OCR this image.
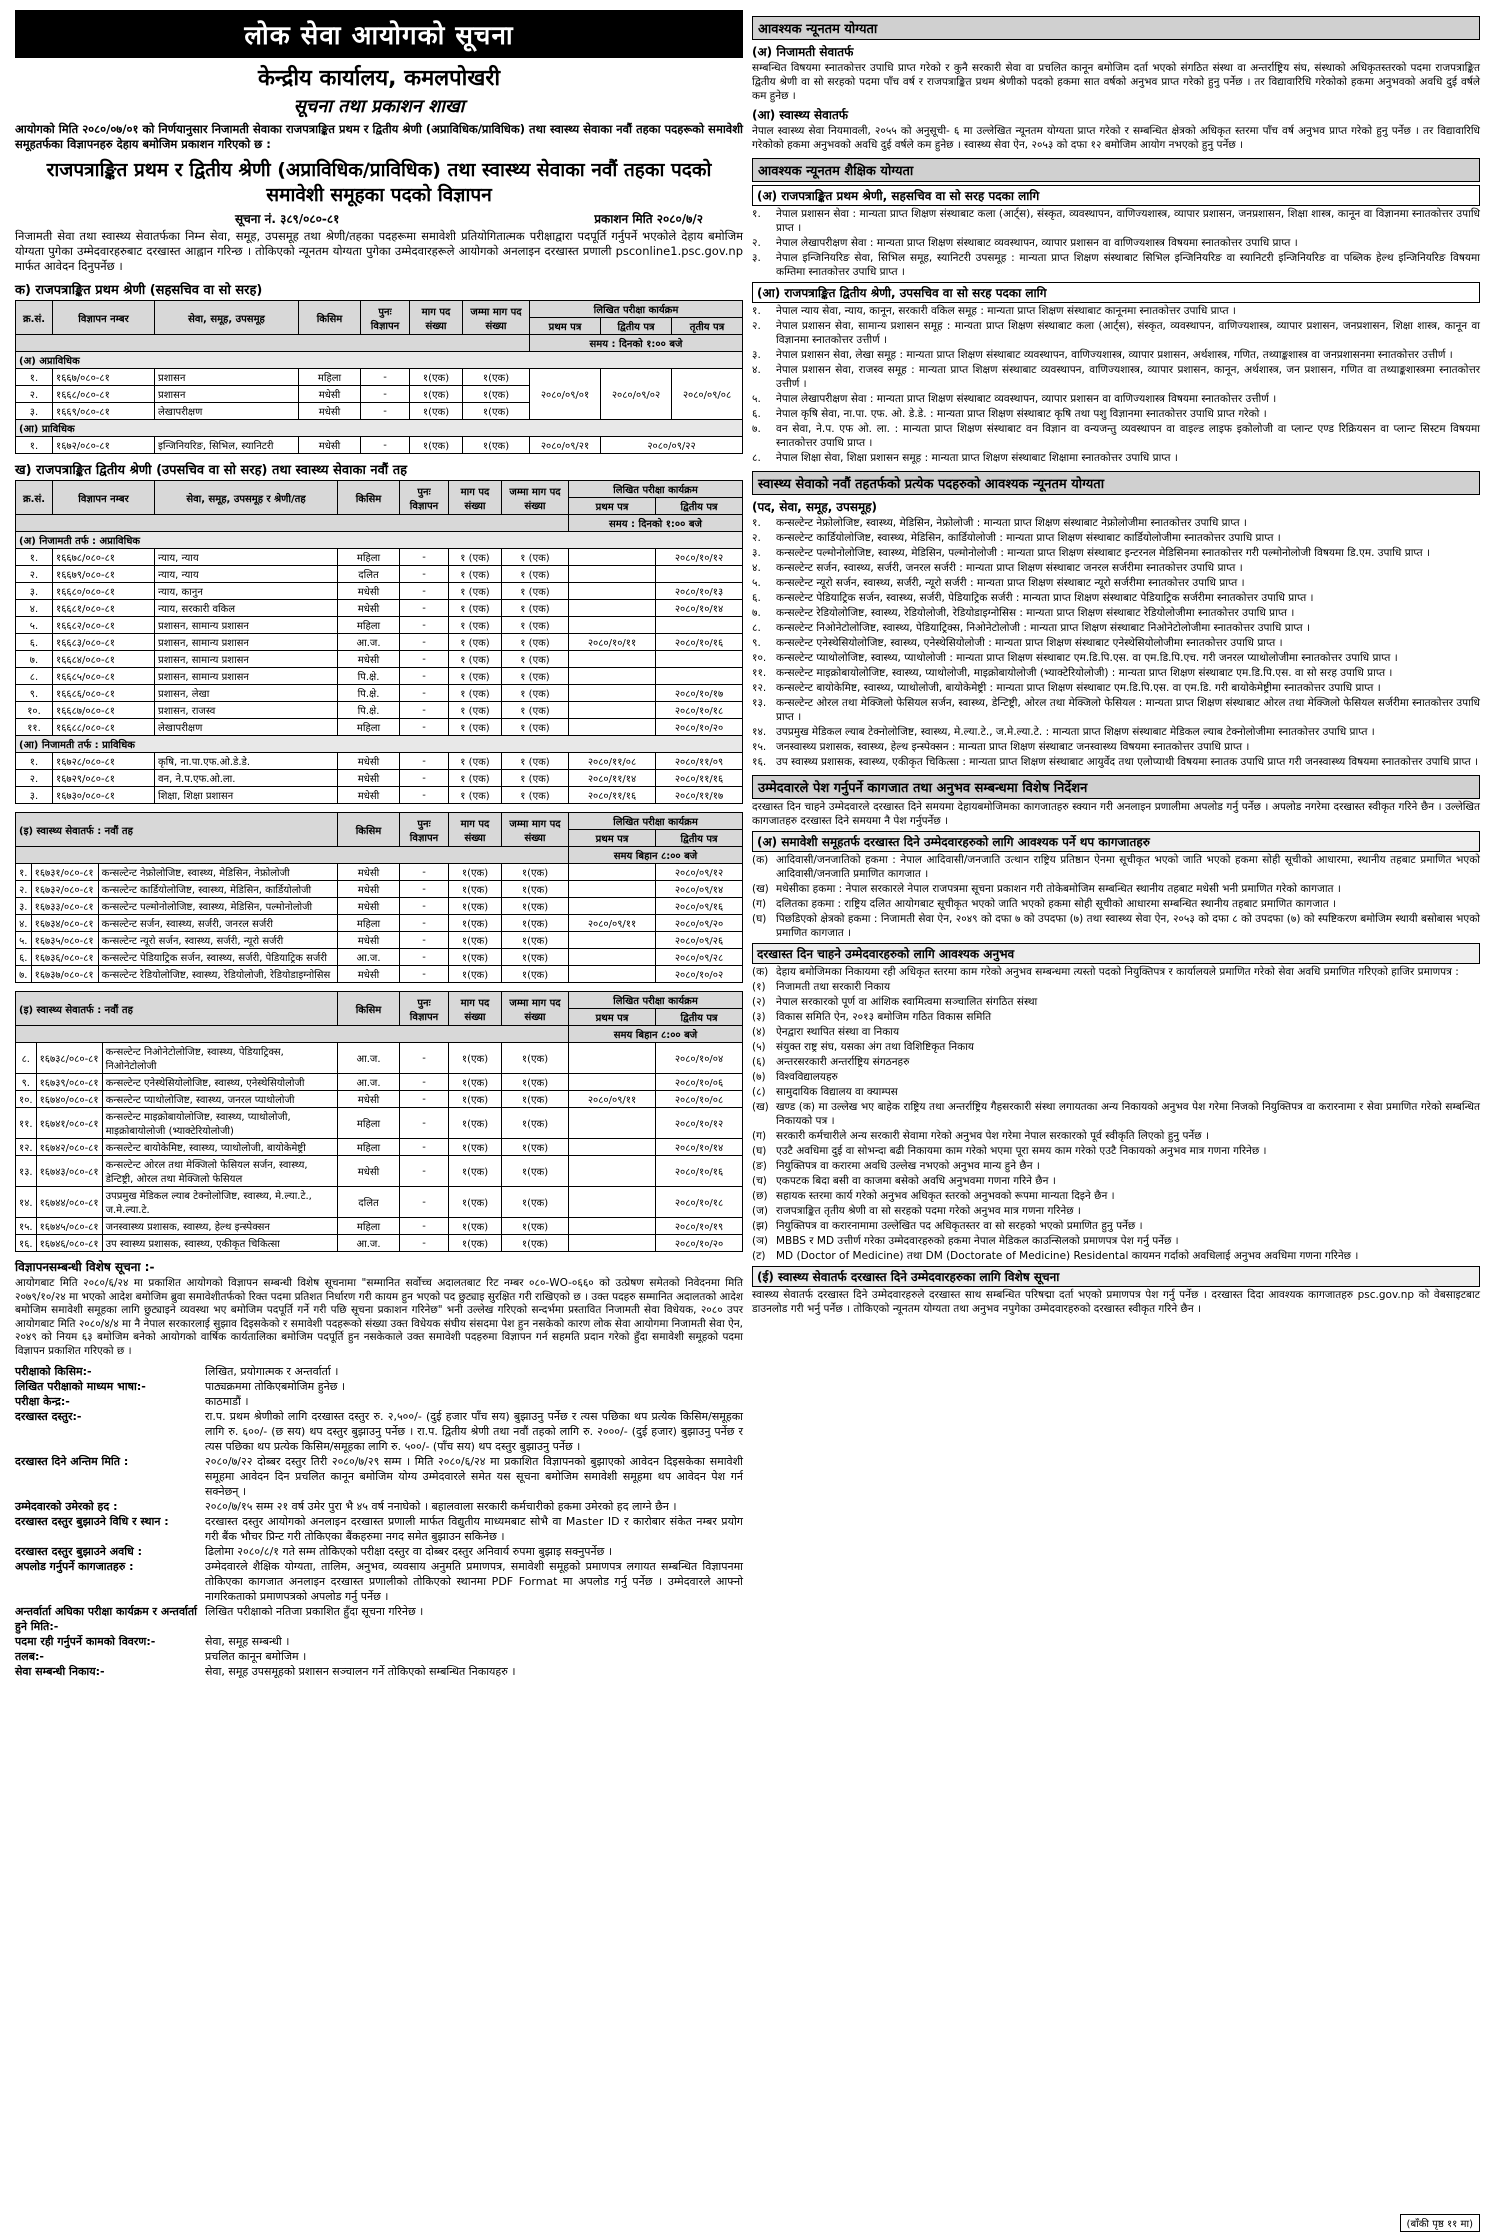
लोक सेवा आयोगको सूचना
केन्द्रीय कार्यालय, कमलपोखरी
सूचना तथा प्रकाशन शाखा
आयोगको मिति २०८०/०७/०१ को निर्णयानुसार निजामती सेवाका राजपत्राङ्कित प्रथम र द्वितीय श्रेणी (अप्राविधिक/प्राविधिक) तथा स्वास्थ्य सेवाका नवौं तहका पदहरूको समावेशी समूहतर्फका विज्ञापनहरु देहाय बमोजिम प्रकाशन गरिएको छ :
राजपत्राङ्कित प्रथम र द्वितीय श्रेणी (अप्राविधिक/प्राविधिक) तथा स्वास्थ्य सेवाका नवौं तहका पदको समावेशी समूहका पदको विज्ञापन
सूचना नं. ३८९/०८०-८१	प्रकाशन मिति २०८०/७/२
निजामती सेवा तथा स्वास्थ्य सेवातर्फका निम्न सेवा, समूह, उपसमूह तथा श्रेणी/तहका पदहरूमा समावेशी प्रतियोगितात्मक परीक्षाद्वारा पदपूर्ति गर्नुपर्ने भएकोले देहाय बमोजिम योग्यता पुगेका उम्मेदवारहरुबाट दरखास्त आह्वान गरिन्छ । तोकिएको न्यूनतम योग्यता पुगेका उम्मेदवारहरूले आयोगको अनलाइन दरखास्त प्रणाली psconline1.psc.gov.np मार्फत आवेदन दिनुपर्नेछ ।
क) राजपत्राङ्कित प्रथम श्रेणी (सहसचिव वा सो सरह)
क्र.सं.	विज्ञापन नम्बर	सेवा, समूह, उपसमूह	किसिम	पुनः विज्ञापन	माग पद संख्या	जम्मा माग पद संख्या	लिखित परीक्षा कार्यक्रम		
							प्रथम पत्र	द्वितीय पत्र	तृतीय पत्र
							समय : दिनको १:०० बजे		
(अ) अप्राविधिक									
१.	१६६७/०८०-८१	प्रशासन	महिला	-	१(एक)	१(एक)	२०८०/०९/०१	२०८०/०९/०२	२०८०/०९/०८
२.	१६६८/०८०-८१	प्रशासन	मधेसी	-	१(एक)	१(एक)			
३.	१६६९/०८०-८१	लेखापरीक्षण	मधेसी	-	१(एक)	१(एक)			
(आ) प्राविधिक									
१.	१६७२/०८०-८१	इन्जिनियरिङ, सिभिल, स्यानिटरी	मधेसी	-	१(एक)	१(एक)	२०८०/०९/२१	२०८०/०९/२२	
ख) राजपत्राङ्कित द्वितीय श्रेणी (उपसचिव वा सो सरह) तथा स्वास्थ्य सेवाका नवौं तह
क्र.सं.	विज्ञापन नम्बर	सेवा, समूह, उपसमूह र श्रेणी/तह	किसिम	पुनः विज्ञापन	माग पद संख्या	जम्मा माग पद संख्या	लिखित परीक्षा कार्यक्रम	
							प्रथम पत्र	द्वितीय पत्र
							समय : दिनको १:०० बजे	
(अ) निजामती तर्फ : अप्राविधिक								
१.	१६६७८/०८०-८१	न्याय, न्याय	महिला	-	१ (एक)	१ (एक)		२०८०/१०/१२
२.	१६६७९/०८०-८१	न्याय, न्याय	दलित	-	१ (एक)	१ (एक)		
३.	१६६८०/०८०-८१	न्याय, कानुन	मधेसी	-	१ (एक)	१ (एक)		२०८०/१०/१३
४.	१६६८१/०८०-८१	न्याय, सरकारी वकिल	मधेसी	-	१ (एक)	१ (एक)		२०८०/१०/१४
५.	१६६८२/०८०-८१	प्रशासन, सामान्य प्रशासन	महिला	-	१ (एक)	१ (एक)		
६.	१६६८३/०८०-८१	प्रशासन, सामान्य प्रशासन	आ.ज.	-	१ (एक)	१ (एक)	२०८०/१०/११	२०८०/१०/१६
७.	१६६८४/०८०-८१	प्रशासन, सामान्य प्रशासन	मधेसी	-	१ (एक)	१ (एक)		
८.	१६६८५/०८०-८१	प्रशासन, सामान्य प्रशासन	पि.क्षे.	-	१ (एक)	१ (एक)		
९.	१६६८६/०८०-८१	प्रशासन, लेखा	पि.क्षे.	-	१ (एक)	१ (एक)		२०८०/१०/१७
१०.	१६६८७/०८०-८१	प्रशासन, राजस्व	पि.क्षे.	-	१ (एक)	१ (एक)		२०८०/१०/१८
११.	१६६८८/०८०-८१	लेखापरीक्षण	महिला	-	१ (एक)	१ (एक)		२०८०/१०/२०
(आ) निजामती तर्फ : प्राविधिक								
१.	१६७२८/०८०-८१	कृषि, ना.पा.एफ.ओ.डे.डे.	मधेसी	-	१ (एक)	१ (एक)	२०८०/११/०८	२०८०/११/०९
२.	१६७२९/०८०-८१	वन, ने.प.एफ.ओ.ला.	मधेसी	-	१ (एक)	१ (एक)	२०८०/११/१४	२०८०/११/१६
३.	१६७३०/०८०-८१	शिक्षा, शिक्षा प्रशासन	मधेसी	-	१ (एक)	१ (एक)	२०८०/११/१६	२०८०/११/१७
(इ) स्वास्थ्य सेवातर्फ : नवौं तह			किसिम	पुनः विज्ञापन	माग पद संख्या	जम्मा माग पद संख्या	लिखित परीक्षा कार्यक्रम	
							प्रथम पत्र	द्वितीय पत्र
							समय बिहान ८:०० बजे	
१.	१६७३१/०८०-८१	कन्सल्टेन्ट नेफ्रोलोजिष्ट, स्वास्थ्य, मेडिसिन, नेफ्रोलोजी	मधेसी	-	१(एक)	१(एक)		२०८०/०९/१२
२.	१६७३२/०८०-८१	कन्सल्टेन्ट कार्डियोलोजिष्ट, स्वास्थ्य, मेडिसिन, कार्डियोलोजी	मधेसी	-	१(एक)	१(एक)		२०८०/०९/१४
३.	१६७३३/०८०-८१	कन्सल्टेन्ट पल्मोनोलोजिष्ट, स्वास्थ्य, मेडिसिन, पल्मोनोलोजी	मधेसी	-	१(एक)	१(एक)		२०८०/०९/१६
४.	१६७३४/०८०-८१	कन्सल्टेन्ट सर्जन, स्वास्थ्य, सर्जरी, जनरल सर्जरी	महिला	-	१(एक)	१(एक)	२०८०/०९/११	२०८०/०९/२०
५.	१६७३५/०८०-८१	कन्सल्टेन्ट न्यूरो सर्जन, स्वास्थ्य, सर्जरी, न्यूरो सर्जरी	मधेसी	-	१(एक)	१(एक)		२०८०/०९/२६
६.	१६७३६/०८०-८१	कन्सल्टेन्ट पेडियाट्रिक सर्जन, स्वास्थ्य, सर्जरी, पेडियाट्रिक सर्जरी	आ.ज.	-	१(एक)	१(एक)		२०८०/०९/२८
७.	१६७३७/०८०-८१	कन्सल्टेन्ट रेडियोलोजिष्ट, स्वास्थ्य, रेडियोलोजी, रेडियोडाइग्नोसिस	मधेसी	-	१(एक)	१(एक)		२०८०/१०/०२
(इ) स्वास्थ्य सेवातर्फ : नवौं तह			किसिम	पुनः विज्ञापन	माग पद संख्या	जम्मा माग पद संख्या	लिखित परीक्षा कार्यक्रम	
							प्रथम पत्र	द्वितीय पत्र
							समय बिहान ८:०० बजे	
८.	१६७३८/०८०-८१	कन्सल्टेन्ट निओनेटोलोजिष्ट, स्वास्थ्य, पेडियाट्रिक्स, निओनेटोलोजी	आ.ज.	-	१(एक)	१(एक)		२०८०/१०/०४
९.	१६७३९/०८०-८१	कन्सल्टेन्ट एनेस्थेसियोलोजिष्ट, स्वास्थ्य, एनेस्थेसियोलोजी	आ.ज.	-	१(एक)	१(एक)		२०८०/१०/०६
१०.	१६७४०/०८०-८१	कन्सल्टेन्ट प्याथोलोजिष्ट, स्वास्थ्य, जनरल प्याथोलोजी	मधेसी	-	१(एक)	१(एक)	२०८०/०९/११	२०८०/१०/०८
११.	१६७४१/०८०-८१	कन्सल्टेन्ट माइक्रोबायोलोजिष्ट, स्वास्थ्य, प्याथोलोजी, माइक्रोबायोलोजी (भ्याक्टेरियोलोजी)	महिला	-	१(एक)	१(एक)		२०८०/१०/१२
१२.	१६७४२/०८०-८१	कन्सल्टेन्ट बायोकेमिष्ट, स्वास्थ्य, प्याथोलोजी, बायोकेमेष्ट्री	महिला	-	१(एक)	१(एक)		२०८०/१०/१४
१३.	१६७४३/०८०-८१	कन्सल्टेन्ट ओरल तथा मेक्जिलो फेसियल सर्जन, स्वास्थ्य, डेन्टिष्ट्री, ओरल तथा मेक्जिलो फेसियल	मधेसी	-	१(एक)	१(एक)		२०८०/१०/१६
१४.	१६७४४/०८०-८१	उपप्रमुख मेडिकल ल्याब टेक्नोलोजिष्ट, स्वास्थ्य, मे.ल्या.टे., ज.मे.ल्या.टे.	दलित	-	१(एक)	१(एक)		२०८०/१०/१८
१५.	१६७४५/०८०-८१	जनस्वास्थ्य प्रशासक, स्वास्थ्य, हेल्थ इन्स्पेक्सन	महिला	-	१(एक)	१(एक)		२०८०/१०/१९
१६.	१६७४६/०८०-८१	उप स्वास्थ्य प्रशासक, स्वास्थ्य, एकीकृत चिकित्सा	आ.ज.	-	१(एक)	१(एक)		२०८०/१०/२०
विज्ञापनसम्बन्धी विशेष सूचना :-
आयोगबाट मिति २०८०/६/२४ मा प्रकाशित आयोगको विज्ञापन सम्बन्धी विशेष सूचनामा "सम्मानित सर्वोच्च अदालतबाट रिट नम्बर ०८०-WO-०६६० को उत्प्रेषण समेतको निवेदनमा मिति २०७९/१०/२४ मा भएको आदेश बमोजिम ब्रुवा समावेशीतर्फको रिक्त पदमा प्रतिशत निर्धारण गरी कायम हुन भएको पद छुट्याइ सुरक्षित गरी राखिएको छ । उक्त पदहरु सम्मानित अदालतको आदेश बमोजिम समावेशी समूहका लागि छुट्याइने व्यवस्था भए बमोजिम पदपूर्ति गर्ने गरी पछि सूचना प्रकाशन गरिनेछ" भनी उल्लेख गरिएको सन्दर्भमा प्रस्तावित निजामती सेवा विधेयक, २०८० उपर आयोगबाट मिति २०८०/४/४ मा नै नेपाल सरकारलाई सुझाव दिइसकेको र समावेशी पदहरूको संख्या उक्त विधेयक संघीय संसदमा पेश हुन नसकेको कारण लोक सेवा आयोगमा निजामती सेवा ऐन, २०४९ को नियम ६३ बमोजिम बनेको आयोगको वार्षिक कार्यतालिका बमोजिम पदपूर्ति हुन नसकेकाले उक्त समावेशी पदहरुमा विज्ञापन गर्न सहमति प्रदान गरेको हुँदा समावेशी समूहको पदमा विज्ञापन प्रकाशित गरिएको छ ।
परीक्षाको किसिम:-	लिखित, प्रयोगात्मक र अन्तर्वार्ता ।
लिखित परीक्षाको माध्यम भाषा:-	पाठ्यक्रममा तोकिएबमोजिम हुनेछ ।
परीक्षा केन्द्र:-	काठमाडौं ।
दरखास्त दस्तुर:-	रा.प. प्रथम श्रेणीको लागि दरखास्त दस्तुर रु. २,५००/- (दुई हजार पाँच सय) बुझाउनु पर्नेछ र त्यस पछिका थप प्रत्येक किसिम/समूहका लागि रु. ६००/- (छ सय) थप दस्तुर बुझाउनु पर्नेछ । रा.प. द्वितीय श्रेणी तथा नवौं तहको लागि रु. २०००/- (दुई हजार) बुझाउनु पर्नेछ र त्यस पछिका थप प्रत्येक किसिम/समूहका लागि रु. ५००/- (पाँच सय) थप दस्तुर बुझाउनु पर्नेछ ।
दरखास्त दिने अन्तिम मिति :	२०८०/७/२२ दोब्बर दस्तुर तिरी २०८०/७/२९ सम्म । मिति २०८०/६/२४ मा प्रकाशित विज्ञापनको बुझाएको आवेदन दिइसकेका समावेशी समूहमा आवेदन दिन प्रचलित कानून बमोजिम योग्य उम्मेदवारले समेत यस सूचना बमोजिम समावेशी समूहमा थप आवेदन पेश गर्न सक्नेछन् ।
उम्मेदवारको उमेरको हद :	२०८०/७/१५ सम्म २१ वर्ष उमेर पुरा भै ४५ वर्ष ननाघेको । बहालवाला सरकारी कर्मचारीको हकमा उमेरको हद लाग्ने छैन ।
दरखास्त दस्तुर बुझाउने विधि र स्थान :	दरखास्त दस्तुर आयोगको अनलाइन दरखास्त प्रणाली मार्फत विद्युतीय माध्यमबाट सोभै वा Master ID र कारोबार संकेत नम्बर प्रयोग गरी बैंक भौचर प्रिन्ट गरी तोकिएका बैंकहरुमा नगद समेत बुझाउन सकिनेछ ।
दरखास्त दस्तुर बुझाउने अवधि :	ढिलोमा २०८०/८/१ गते सम्म तोकिएको परीक्षा दस्तुर वा दोब्बर दस्तुर अनिवार्य रुपमा बुझाइ सक्नुपर्नेछ ।
अपलोड गर्नुपर्ने कागजातहरु :	उम्मेदवारले शैक्षिक योग्यता, तालिम, अनुभव, व्यवसाय अनुमति प्रमाणपत्र, समावेशी समूहको प्रमाणपत्र लगायत सम्बन्धित विज्ञापनमा तोकिएका कागजात अनलाइन दरखास्त प्रणालीको तोकिएको स्थानमा PDF Format मा अपलोड गर्नु पर्नेछ । उम्मेदवारले आफ्नो नागरिकताको प्रमाणपत्रको अपलोड गर्नु पर्नेछ ।
अन्तर्वार्ता अघिका परीक्षा कार्यक्रम र अन्तर्वार्ता हुने मिति:-
लिखित परीक्षाको नतिजा प्रकाशित हुँदा सूचना गरिनेछ ।
पदमा रही गर्नुपर्ने कामको विवरण:-	सेवा, समूह सम्बन्धी ।
तलब:-	प्रचलित कानून बमोजिम ।
सेवा सम्बन्धी निकाय:-	सेवा, समूह उपसमूहको प्रशासन सञ्चालन गर्ने तोकिएको सम्बन्धित निकायहरु ।
आवश्यक न्यूनतम योग्यता
(अ) निजामती सेवातर्फ
सम्बन्धित विषयमा स्नातकोत्तर उपाधि प्राप्त गरेको र कुनै सरकारी सेवा वा प्रचलित कानून बमोजिम दर्ता भएको संगठित संस्था वा अन्तर्राष्ट्रिय संघ, संस्थाको अधिकृतस्तरको पदमा राजपत्राङ्कित द्वितीय श्रेणी वा सो सरहको पदमा पाँच वर्ष र राजपत्राङ्कित प्रथम श्रेणीको पदको हकमा सात वर्षको अनुभव प्राप्त गरेको हुनु पर्नेछ । तर विद्यावारिधि गरेकोको हकमा अनुभवको अवधि दुई वर्षले कम हुनेछ ।
(आ) स्वास्थ्य सेवातर्फ
नेपाल स्वास्थ्य सेवा नियमावली, २०५५ को अनुसूची- ६ मा उल्लेखित न्यूनतम योग्यता प्राप्त गरेको र सम्बन्धित क्षेत्रको अधिकृत स्तरमा पाँच वर्ष अनुभव प्राप्त गरेको हुनु पर्नेछ । तर विद्यावारिधि गरेकोको हकमा अनुभवको अवधि दुई वर्षले कम हुनेछ । स्वास्थ्य सेवा ऐन, २०५३ को दफा १२ बमोजिम आयोग नभएको हुनु पर्नेछ ।
आवश्यक न्यूनतम शैक्षिक योग्यता
(अ) राजपत्राङ्कित प्रथम श्रेणी, सहसचिव वा सो सरह पदका लागि
१.	नेपाल प्रशासन सेवा : मान्यता प्राप्त शिक्षण संस्थाबाट कला (आर्ट्स), संस्कृत, व्यवस्थापन, वाणिज्यशास्त्र, व्यापार प्रशासन, जनप्रशासन, शिक्षा शास्त्र, कानून वा विज्ञानमा स्नातकोत्तर उपाधि प्राप्त ।
२.	नेपाल लेखापरीक्षण सेवा : मान्यता प्राप्त शिक्षण संस्थाबाट व्यवस्थापन, व्यापार प्रशासन वा वाणिज्यशास्त्र विषयमा स्नातकोत्तर उपाधि प्राप्त ।
३.	नेपाल इन्जिनियरिङ सेवा, सिभिल समूह, स्यानिटरी उपसमूह : मान्यता प्राप्त शिक्षण संस्थाबाट सिभिल इन्जिनियरिङ वा स्यानिटरी इन्जिनियरिङ वा पब्लिक हेल्थ इन्जिनियरिङ विषयमा कम्तिमा स्नातकोत्तर उपाधि प्राप्त ।
(आ) राजपत्राङ्कित द्वितीय श्रेणी, उपसचिव वा सो सरह पदका लागि
१.	नेपाल न्याय सेवा, न्याय, कानून, सरकारी वकिल समूह : मान्यता प्राप्त शिक्षण संस्थाबाट कानूनमा स्नातकोत्तर उपाधि प्राप्त ।
२.	नेपाल प्रशासन सेवा, सामान्य प्रशासन समूह : मान्यता प्राप्त शिक्षण संस्थाबाट कला (आर्ट्स), संस्कृत, व्यवस्थापन, वाणिज्यशास्त्र, व्यापार प्रशासन, जनप्रशासन, शिक्षा शास्त्र, कानून वा विज्ञानमा स्नातकोत्तर उत्तीर्ण ।
३.	नेपाल प्रशासन सेवा, लेखा समूह : मान्यता प्राप्त शिक्षण संस्थाबाट व्यवस्थापन, वाणिज्यशास्त्र, व्यापार प्रशासन, अर्थशास्त्र, गणित, तथ्याङ्कशास्त्र वा जनप्रशासनमा स्नातकोत्तर उत्तीर्ण ।
४.	नेपाल प्रशासन सेवा, राजस्व समूह : मान्यता प्राप्त शिक्षण संस्थाबाट व्यवस्थापन, वाणिज्यशास्त्र, व्यापार प्रशासन, कानून, अर्थशास्त्र, जन प्रशासन, गणित वा तथ्याङ्कशास्त्रमा स्नातकोत्तर उत्तीर्ण ।
५.	नेपाल लेखापरीक्षण सेवा : मान्यता प्राप्त शिक्षण संस्थाबाट व्यवस्थापन, व्यापार प्रशासन वा वाणिज्यशास्त्र विषयमा स्नातकोत्तर उत्तीर्ण ।
६.	नेपाल कृषि सेवा, ना.पा. एफ. ओ. डे.डे. : मान्यता प्राप्त शिक्षण संस्थाबाट कृषि तथा पशु विज्ञानमा स्नातकोत्तर उपाधि प्राप्त गरेको ।
७.	वन सेवा, ने.प. एफ ओ. ला. : मान्यता प्राप्त शिक्षण संस्थाबाट वन विज्ञान वा वन्यजन्तु व्यवस्थापन वा वाइल्ड लाइफ इकोलोजी वा प्लान्ट एण्ड रिक्रियसन वा प्लान्ट सिस्टम विषयमा स्नातकोत्तर उपाधि प्राप्त ।
८.	नेपाल शिक्षा सेवा, शिक्षा प्रशासन समूह : मान्यता प्राप्त शिक्षण संस्थाबाट शिक्षामा स्नातकोत्तर उपाधि प्राप्त ।
स्वास्थ्य सेवाको नवौं तहतर्फको प्रत्येक पदहरुको आवश्यक न्यूनतम योग्यता
(पद, सेवा, समूह, उपसमूह)
१.	कन्सल्टेन्ट नेफ्रोलोजिष्ट, स्वास्थ्य, मेडिसिन, नेफ्रोलोजी : मान्यता प्राप्त शिक्षण संस्थाबाट नेफ्रोलोजीमा स्नातकोत्तर उपाधि प्राप्त ।
२.	कन्सल्टेन्ट कार्डियोलोजिष्ट, स्वास्थ्य, मेडिसिन, कार्डियोलोजी : मान्यता प्राप्त शिक्षण संस्थाबाट कार्डियोलोजीमा स्नातकोत्तर उपाधि प्राप्त ।
३.	कन्सल्टेन्ट पल्मोनोलोजिष्ट, स्वास्थ्य, मेडिसिन, पल्मोनोलोजी : मान्यता प्राप्त शिक्षण संस्थाबाट इन्टरनल मेडिसिनमा स्नातकोत्तर गरी पल्मोनोलोजी विषयमा डि.एम. उपाधि प्राप्त ।
४.	कन्सल्टेन्ट सर्जन, स्वास्थ्य, सर्जरी, जनरल सर्जरी : मान्यता प्राप्त शिक्षण संस्थाबाट जनरल सर्जरीमा स्नातकोत्तर उपाधि प्राप्त ।
५.	कन्सल्टेन्ट न्यूरो सर्जन, स्वास्थ्य, सर्जरी, न्यूरो सर्जरी : मान्यता प्राप्त शिक्षण संस्थाबाट न्यूरो सर्जरीमा स्नातकोत्तर उपाधि प्राप्त ।
६.	कन्सल्टेन्ट पेडियाट्रिक सर्जन, स्वास्थ्य, सर्जरी, पेडियाट्रिक सर्जरी : मान्यता प्राप्त शिक्षण संस्थाबाट पेडियाट्रिक सर्जरीमा स्नातकोत्तर उपाधि प्राप्त ।
७.	कन्सल्टेन्ट रेडियोलोजिष्ट, स्वास्थ्य, रेडियोलोजी, रेडियोडाइग्नोसिस : मान्यता प्राप्त शिक्षण संस्थाबाट रेडियोलोजीमा स्नातकोत्तर उपाधि प्राप्त ।
८.	कन्सल्टेन्ट निओनेटोलोजिष्ट, स्वास्थ्य, पेडियाट्रिक्स, निओनेटोलोजी : मान्यता प्राप्त शिक्षण संस्थाबाट निओनेटोलोजीमा स्नातकोत्तर उपाधि प्राप्त ।
९.	कन्सल्टेन्ट एनेस्थेसियोलोजिष्ट, स्वास्थ्य, एनेस्थेसियोलोजी : मान्यता प्राप्त शिक्षण संस्थाबाट एनेस्थेसियोलोजीमा स्नातकोत्तर उपाधि प्राप्त ।
१०. कन्सल्टेन्ट प्याथोलोजिष्ट, स्वास्थ्य, प्याथोलोजी : मान्यता प्राप्त शिक्षण संस्थाबाट एम.डि.पि.एस. वा एम.डि.पि.एच. गरी जनरल प्याथोलोजीमा स्नातकोत्तर उपाधि प्राप्त ।
११. कन्सल्टेन्ट माइक्रोबायोलोजिष्ट, स्वास्थ्य, प्याथोलोजी, माइक्रोबायोलोजी (भ्याक्टेरियोलोजी) : मान्यता प्राप्त शिक्षण संस्थाबाट एम.डि.पि.एस. वा सो सरह उपाधि प्राप्त ।
१२. कन्सल्टेन्ट बायोकेमिष्ट, स्वास्थ्य, प्याथोलोजी, बायोकेमेष्ट्री : मान्यता प्राप्त शिक्षण संस्थाबाट एम.डि.पि.एस. वा एम.डि. गरी बायोकेमेष्ट्रीमा स्नातकोत्तर उपाधि प्राप्त ।
१३. कन्सल्टेन्ट ओरल तथा मेक्जिलो फेसियल सर्जन, स्वास्थ्य, डेन्टिष्ट्री, ओरल तथा मेक्जिलो फेसियल : मान्यता प्राप्त शिक्षण संस्थाबाट ओरल तथा मेक्जिलो फेसियल सर्जरीमा स्नातकोत्तर उपाधि प्राप्त ।
१४. उपप्रमुख मेडिकल ल्याब टेक्नोलोजिष्ट, स्वास्थ्य, मे.ल्या.टे., ज.मे.ल्या.टे. : मान्यता प्राप्त शिक्षण संस्थाबाट मेडिकल ल्याब टेक्नोलोजीमा स्नातकोत्तर उपाधि प्राप्त ।
१५. जनस्वास्थ्य प्रशासक, स्वास्थ्य, हेल्थ इन्स्पेक्सन : मान्यता प्राप्त शिक्षण संस्थाबाट जनस्वास्थ्य विषयमा स्नातकोत्तर उपाधि प्राप्त ।
१६. उप स्वास्थ्य प्रशासक, स्वास्थ्य, एकीकृत चिकित्सा : मान्यता प्राप्त शिक्षण संस्थाबाट आयुर्वेद तथा एलोप्याथी विषयमा स्नातक उपाधि प्राप्त गरी जनस्वास्थ्य विषयमा स्नातकोत्तर उपाधि प्राप्त ।
उम्मेदवारले पेश गर्नुपर्ने कागजात तथा अनुभव सम्बन्धमा विशेष निर्देशन
दरखास्त दिन चाहने उम्मेदवारले दरखास्त दिने समयमा देहायबमोजिमका कागजातहरु स्क्यान गरी अनलाइन प्रणालीमा अपलोड गर्नु पर्नेछ । अपलोड नगरेमा दरखास्त स्वीकृत गरिने छैन । उल्लेखित कागजातहरु दरखास्त दिने समयमा नै पेश गर्नुपर्नेछ ।
(अ) समावेशी समूहतर्फ दरखास्त दिने उम्मेदवारहरुको लागि आवश्यक पर्ने थप कागजातहरु
(क) आदिवासी/जनजातिको हकमा : नेपाल आदिवासी/जनजाति उत्थान राष्ट्रिय प्रतिष्ठान ऐनमा सूचीकृत भएको जाति भएको हकमा सोही सूचीको आधारमा, स्थानीय तहबाट प्रमाणित भएको आदिवासी/जनजाति प्रमाणित कागजात ।
(ख) मधेसीका हकमा : नेपाल सरकारले नेपाल राजपत्रमा सूचना प्रकाशन गरी तोकेबमोजिम सम्बन्धित स्थानीय तहबाट मधेसी भनी प्रमाणित गरेको कागजात ।
(ग) दलितका हकमा : राष्ट्रिय दलित आयोगबाट सूचीकृत भएको जाति भएको हकमा सोही सूचीको आधारमा सम्बन्धित स्थानीय तहबाट प्रमाणित कागजात ।
(घ) पिछडिएको क्षेत्रको हकमा : निजामती सेवा ऐन, २०४९ को दफा ७ को उपदफा (७) तथा स्वास्थ्य सेवा ऐन, २०५३ को दफा ८ को उपदफा (७) को स्पष्टिकरण बमोजिम स्थायी बसोबास भएको प्रमाणित कागजात ।
दरखास्त दिन चाहने उम्मेदवारहरुको लागि आवश्यक अनुभव
(क) देहाय बमोजिमका निकायमा रही अधिकृत स्तरमा काम गरेको अनुभव सम्बन्धमा त्यस्तो पदको नियुक्तिपत्र र कार्यालयले प्रमाणित गरेको सेवा अवधि प्रमाणित गरिएको हाजिर प्रमाणपत्र :
(१) निजामती तथा सरकारी निकाय
(२) नेपाल सरकारको पूर्ण वा आंशिक स्वामित्वमा सञ्चालित संगठित संस्था
(३) विकास समिति ऐन, २०१३ बमोजिम गठित विकास समिति
(४) ऐनद्वारा स्थापित संस्था वा निकाय
(५) संयुक्त राष्ट्र संघ, यसका अंग तथा विशिष्टिकृत निकाय
(६) अन्तरसरकारी अन्तर्राष्ट्रिय संगठनहरु
(७) विश्वविद्यालयहरु
(८) सामुदायिक विद्यालय वा क्याम्पस
(ख) खण्ड (क) मा उल्लेख भए बाहेक राष्ट्रिय तथा अन्तर्राष्ट्रिय गैहसरकारी संस्था लगायतका अन्य निकायको अनुभव पेश गरेमा निजको नियुक्तिपत्र वा करारनामा र सेवा प्रमाणित गरेको सम्बन्धित निकायको पत्र ।
(ग) सरकारी कर्मचारीले अन्य सरकारी सेवामा गरेको अनुभव पेश गरेमा नेपाल सरकारको पूर्व स्वीकृति लिएको हुनु पर्नेछ ।
(घ) एउटै अवधिमा दुई वा सोभन्दा बढी निकायमा काम गरेको भएमा पूरा समय काम गरेको एउटै निकायको अनुभव मात्र गणना गरिनेछ ।
(ङ) नियुक्तिपत्र वा करारमा अवधि उल्लेख नभएको अनुभव मान्य हुने छैन ।
(च) एकपटक बिदा बसी वा काजमा बसेको अवधि अनुभवमा गणना गरिने छैन ।
(छ) सहायक स्तरमा कार्य गरेको अनुभव अधिकृत स्तरको अनुभवको रूपमा मान्यता दिइने छैन ।
(ज) राजपत्राङ्कित तृतीय श्रेणी वा सो सरहको पदमा गरेको अनुभव मात्र गणना गरिनेछ ।
(झ) नियुक्तिपत्र वा करारनामामा उल्लेखित पद अधिकृतस्तर वा सो सरहको भएको प्रमाणित हुनु पर्नेछ ।
(ञ) MBBS र MD उत्तीर्ण गरेका उम्मेदवारहरुको हकमा नेपाल मेडिकल काउन्सिलको प्रमाणपत्र पेश गर्नु पर्नेछ ।
(ट)	MD (Doctor of Medicine) तथा DM (Doctorate of Medicine) Residental कायमन गर्दाको अवधिलाई अनुभव अवधिमा गणना गरिनेछ ।
(ई) स्वास्थ्य सेवातर्फ दरखास्त दिने उम्मेदवारहरुका लागि विशेष सूचना
स्वास्थ्य सेवातर्फ दरखास्त दिने उम्मेदवारहरुले दरखास्त साथ सम्बन्धित परिषद्मा दर्ता भएको प्रमाणपत्र पेश गर्नु पर्नेछ । दरखास्त दिदा आवश्यक कागजातहरु psc.gov.np को वेबसाइटबाट डाउनलोड गरी भर्नु पर्नेछ । तोकिएको न्यूनतम योग्यता तथा अनुभव नपुगेका उम्मेदवारहरुको दरखास्त स्वीकृत गरिने छैन ।
(बाँकी पृष्ठ ११ मा)
